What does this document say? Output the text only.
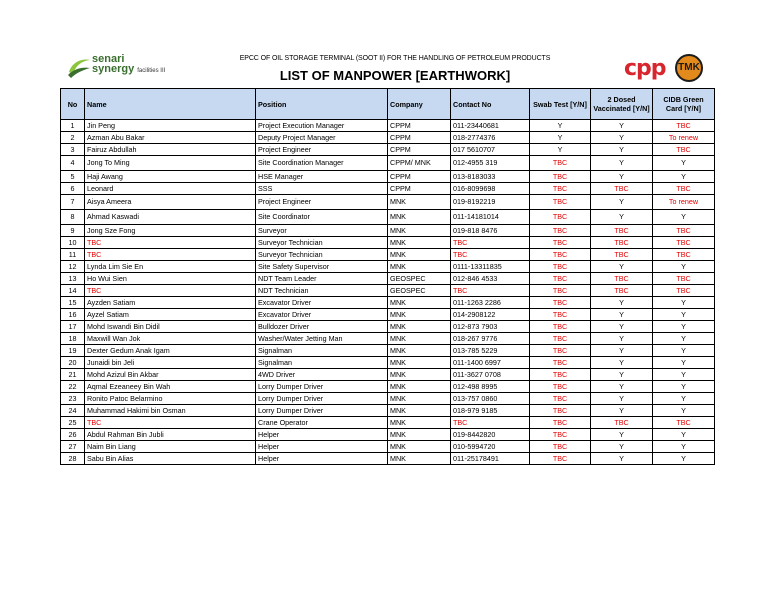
senari
synergy facilities III
EPCC OF OIL STORAGE TERMINAL (SOOT II) FOR THE HANDLING OF PETROLEUM PRODUCTS
LIST OF MANPOWER [EARTHWORK]	cpp	TMK
No	Name	Position	Company	Contact No	Swab Test [Y/N]	2 Dosed Vaccinated [Y/N]	CIDB Green Card [Y/N]
1	Jin Peng	Project Execution Manager	CPPM	011-23440681	Y	Y	TBC
2	Azman Abu Bakar	Deputy Project Manager	CPPM	018-2774376	Y	Y	To renew
3	Fairuz Abdullah	Project Engineer	CPPM	017 5610707	Y	Y	TBC
4	Jong To Ming	Site Coordination Manager	CPPM/ MNK	012-4955 319	TBC	Y	Y
5	Haji Awang	HSE Manager	CPPM	013-8183033	TBC	Y	Y
6	Leonard	SSS	CPPM	016-8099698	TBC	TBC	TBC
7	Aisya Ameera	Project Engineer	MNK	019-8192219	TBC	Y	To renew
8	Ahmad Kaswadi	Site Coordinator	MNK	011-14181014	TBC	Y	Y
9	Jong Sze Fong	Surveyor	MNK	019-818 8476	TBC	TBC	TBC
10	TBC	Surveyor Technician	MNK	TBC	TBC	TBC	TBC
11	TBC	Surveyor Technician	MNK	TBC	TBC	TBC	TBC
12	Lynda Lim Sie En	Site Safety Supervisor	MNK	0111-13311835	TBC	Y	Y
13	Ho Wui Sien	NDT Team Leader	GEOSPEC	012-846 4533	TBC	TBC	TBC
14	TBC	NDT Technician	GEOSPEC	TBC	TBC	TBC	TBC
15	Ayzden Satiam	Excavator Driver	MNK	011-1263 2286	TBC	Y	Y
16	Ayzel Satiam	Excavator Driver	MNK	014-2908122	TBC	Y	Y
17	Mohd Iswandi Bin Didil	Bulldozer Driver	MNK	012-873 7903	TBC	Y	Y
18	Maxwill Wan Jok	Washer/Water Jetting Man	MNK	018-267 9776	TBC	Y	Y
19	Dexter Gedum Anak Igam	Signalman	MNK	013-785 5229	TBC	Y	Y
20	Junaidi bin Jeli	Signalman	MNK	011-1400 6997	TBC	Y	Y
21	Mohd Azizul Bin Akbar	4WD Driver	MNK	011-3627 0708	TBC	Y	Y
22	Aqmal Ezeaneey Bin Wah	Lorry Dumper Driver	MNK	012-498 8995	TBC	Y	Y
23	Ronito Patoc Belarmino	Lorry Dumper Driver	MNK	013-757 0860	TBC	Y	Y
24	Muhammad Hakimi bin Osman	Lorry Dumper Driver	MNK	018-979 9185	TBC	Y	Y
25	TBC	Crane Operator	MNK	TBC	TBC	TBC	TBC
26	Abdul Rahman Bin Jubli	Helper	MNK	019-8442820	TBC	Y	Y
27	Naim Bin Liang	Helper	MNK	010-5994720	TBC	Y	Y
28	Sabu Bin Alias	Helper	MNK	011-25178491	TBC	Y	Y
